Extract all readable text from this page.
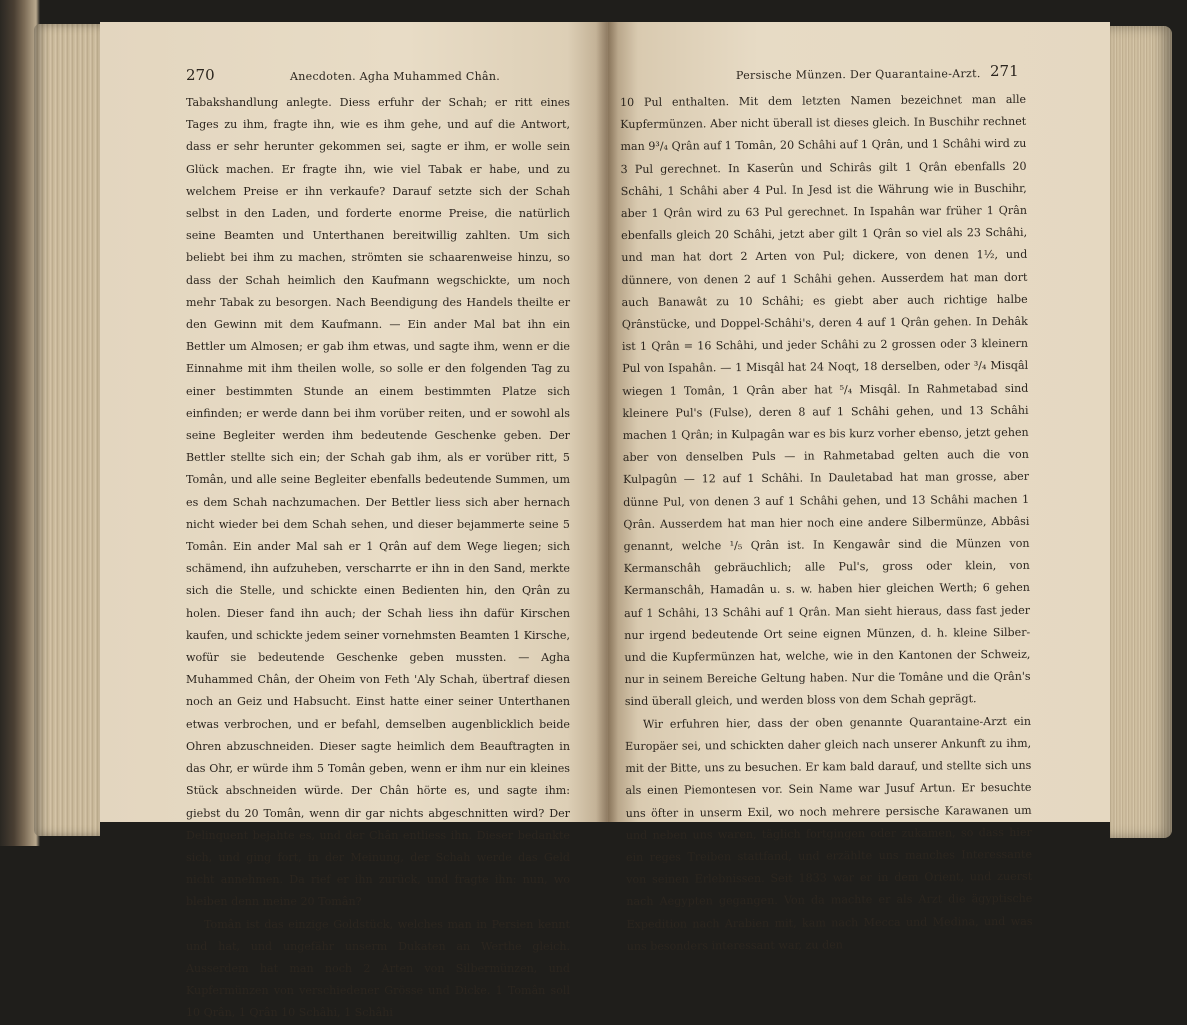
270	Anecdoten. Agha Muhammed Chân.

Tabakshandlung anlegte. Diess erfuhr der Schah; er ritt eines Tages zu ihm, fragte ihn, wie es ihm gehe, und auf die Antwort, dass er sehr herunter gekommen sei, sagte er ihm, er wolle sein Glück machen. Er fragte ihn, wie viel Tabak er habe, und zu welchem Preise er ihn verkaufe? Darauf setzte sich der Schah selbst in den Laden, und forderte enorme Preise, die natürlich seine Beamten und Unterthanen bereitwillig zahlten. Um sich beliebt bei ihm zu machen, strömten sie schaarenweise hinzu, so dass der Schah heimlich den Kaufmann wegschickte, um noch mehr Tabak zu besorgen. Nach Beendigung des Handels theilte er den Gewinn mit dem Kaufmann. — Ein ander Mal bat ihn ein Bettler um Almosen; er gab ihm etwas, und sagte ihm, wenn er die Einnahme mit ihm theilen wolle, so solle er den folgenden Tag zu einer bestimmten Stunde an einem bestimmten Platze sich einfinden; er werde dann bei ihm vorüber reiten, und er sowohl als seine Begleiter werden ihm bedeutende Geschenke geben. Der Bettler stellte sich ein; der Schah gab ihm, als er vorüber ritt, 5 Tomân, und alle seine Begleiter ebenfalls bedeutende Summen, um es dem Schah nachzumachen. Der Bettler liess sich aber hernach nicht wieder bei dem Schah sehen, und dieser bejammerte seine 5 Tomân. Ein ander Mal sah er 1 Qrân auf dem Wege liegen; sich schämend, ihn aufzuheben, verscharrte er ihn in den Sand, merkte sich die Stelle, und schickte einen Bedienten hin, den Qrân zu holen. Dieser fand ihn auch; der Schah liess ihn dafür Kirschen kaufen, und schickte jedem seiner vornehmsten Beamten 1 Kirsche, wofür sie bedeutende Geschenke geben mussten. — Agha Muhammed Chân, der Oheim von Feth 'Aly Schah, übertraf diesen noch an Geiz und Habsucht. Einst hatte einer seiner Unterthanen etwas verbrochen, und er befahl, demselben augenblicklich beide Ohren abzuschneiden. Dieser sagte heimlich dem Beauftragten in das Ohr, er würde ihm 5 Tomân geben, wenn er ihm nur ein kleines Stück abschneiden würde. Der Chân hörte es, und sagte ihm: giebst du 20 Tomân, wenn dir gar nichts abgeschnitten wird? Der Delinquent bejahte es, und der Chân entliess ihn. Dieser bedankte sich, und ging fort, in der Meinung, der Schah werde das Geld nicht annehmen. Da rief er ihn zurück, und fragte ihn: nun, wo bleiben denn meine 20 Tomân?

Tomân ist das einzige Goldstück, welches man in Persien kennt und hat, und ungefähr unserm Dukaten an Werthe gleich. Ausserdem hat man noch 2 Arten von Silbermünzen, und Kupfermünzen von verschiedener Grösse und Dicke. 1 Tomân soll 10 Qrân, 1 Qrân 10 Schâhi, 1 Schâhi

Persische Münzen. Der Quarantaine-Arzt. 271

10 Pul enthalten. Mit dem letzten Namen bezeichnet man alle Kupfermünzen. Aber nicht überall ist dieses gleich. In Buschihr rechnet man 9³/₄ Qrân auf 1 Tomân, 20 Schâhi auf 1 Qrân, und 1 Schâhi wird zu 3 Pul gerechnet. In Kaserûn und Schirâs gilt 1 Qrân ebenfalls 20 Schâhi, 1 Schâhi aber 4 Pul. In Jesd ist die Währung wie in Buschihr, aber 1 Qrân wird zu 63 Pul gerechnet. In Ispahân war früher 1 Qrân ebenfalls gleich 20 Schâhi, jetzt aber gilt 1 Qrân so viel als 23 Schâhi, und man hat dort 2 Arten von Pul; dickere, von denen 1½, und dünnere, von denen 2 auf 1 Schâhi gehen. Ausserdem hat man dort auch Banawât zu 10 Schâhi; es giebt aber auch richtige halbe Qrânstücke, und Doppel-Schâhi's, deren 4 auf 1 Qrân gehen. In Dehâk ist 1 Qrân = 16 Schâhi, und jeder Schâhi zu 2 grossen oder 3 kleinern Pul von Ispahân. — 1 Misqâl hat 24 Noqt, 18 derselben, oder ³/₄ Misqâl wiegen 1 Tomân, 1 Qrân aber hat ⁵/₄ Misqâl. In Rahmetabad sind kleinere Pul's (Fulse), deren 8 auf 1 Schâhi gehen, und 13 Schâhi machen 1 Qrân; in Kulpagân war es bis kurz vorher ebenso, jetzt gehen aber von denselben Puls — in Rahmetabad gelten auch die von Kulpagûn — 12 auf 1 Schâhi. In Dauletabad hat man grosse, aber dünne Pul, von denen 3 auf 1 Schâhi gehen, und 13 Schâhi machen 1 Qrân. Ausserdem hat man hier noch eine andere Silbermünze, Abbâsi genannt, welche ¹/₅ Qrân ist. In Kengawâr sind die Münzen von Kermanschâh gebräuchlich; alle Pul's, gross oder klein, von Kermanschâh, Hamadân u. s. w. haben hier gleichen Werth; 6 gehen auf 1 Schâhi, 13 Schâhi auf 1 Qrân. Man sieht hieraus, dass fast jeder nur irgend bedeutende Ort seine eignen Münzen, d. h. kleine Silber- und die Kupfermünzen hat, welche, wie in den Kantonen der Schweiz, nur in seinem Bereiche Geltung haben. Nur die Tomâne und die Qrân's sind überall gleich, und werden bloss von dem Schah geprägt.

Wir erfuhren hier, dass der oben genannte Quarantaine-Arzt ein Europäer sei, und schickten daher gleich nach unserer Ankunft zu ihm, mit der Bitte, uns zu besuchen. Er kam bald darauf, und stellte sich uns als einen Piemontesen vor. Sein Name war Jusuf Artun. Er besuchte uns öfter in unserm Exil, wo noch mehrere persische Karawanen um und neben uns waren, täglich fortgingen oder zukamen, so dass hier ein reges Treiben stattfand, und erzählte uns manches Interessante von seinen Erlebnissen. Seit 1833 war er in dem Orient, und zuerst nach Aegypten gegangen. Von da machte er als Arzt die ägyptische Expedition nach Arabien mit, kam nach Mecca und Medina, und was uns besonders interessant war, zu den
